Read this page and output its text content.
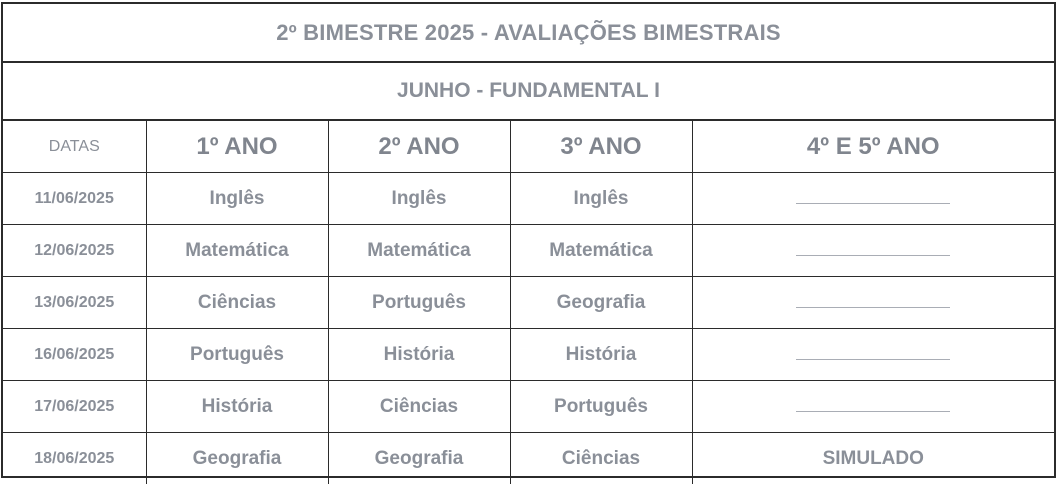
2º BIMESTRE 2025 - AVALIAÇÕES BIMESTRAIS
JUNHO - FUNDAMENTAL I
DATAS	1º ANO	2º ANO	3º ANO	4º E 5º ANO
11/06/2025	Inglês	Inglês	Inglês	
12/06/2025	Matemática	Matemática	Matemática	
13/06/2025	Ciências	Português	Geografia	
16/06/2025	Português	História	História	
17/06/2025	História	Ciências	Português	
18/06/2025	Geografia	Geografia	Ciências	SIMULADO
